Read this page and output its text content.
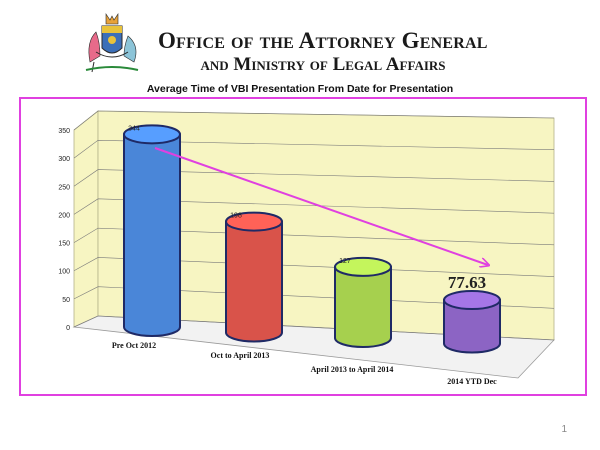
Office of the Attorney General
and Ministry of Legal Affairs
Average Time of VBI Presentation From Date for Presentation
0
50
100
150
200
250
300
350	344
198
127
77.63
Pre Oct 2012
Oct to April 2013
April 2013 to April 2014
2014 YTD Dec
1
